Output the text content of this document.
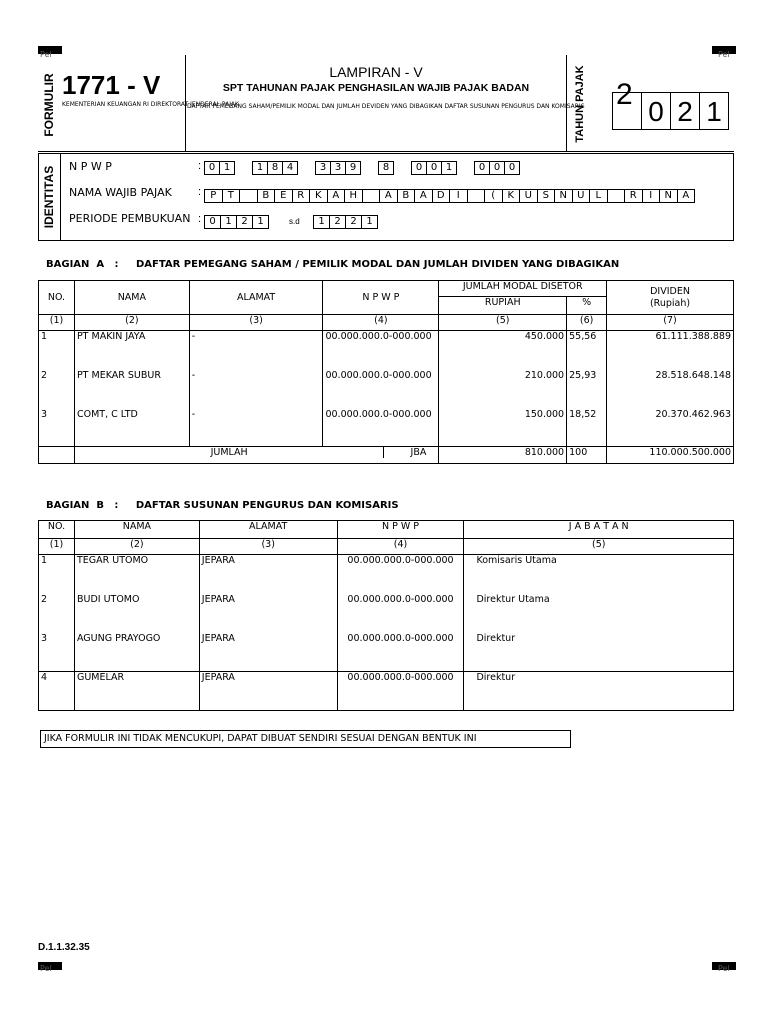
Pel	Pel
Pel	Pel
FORMULIR 1771 - V
KEMENTERIAN KEUANGAN RI DIREKTORAT JENDERAL PAJAK
LAMPIRAN - V
SPT TAHUNAN PAJAK PENGHASILAN WAJIB PAJAK BADAN
DAFTAR PEMEGANG SAHAM/PEMILIK MODAL DAN JUMLAH DEVIDEN YANG DIBAGIKAN DAFTAR SUSUNAN PENGURUS DAN KOMISARIS
TAHUN PAJAK 2
0 2 1
IDENTITAS N P W P	: 0 1	1 8 4	3 3 9	8	0 0 1	0 0 0
NAMA WAJIB PAJAK : P T	B E R K A H	A B A D I	( K U S N U L	R I N A
PERIODE PEMBUKUAN : 0 1 2 1	s.d	1 2 2 1
BAGIAN  A   :     DAFTAR PEMEGANG SAHAM / PEMILIK MODAL DAN JUMLAH DIVIDEN YANG DIBAGIKAN
NO.	NAMA	ALAMAT	N P W P	JUMLAH MODAL DISETOR		DIVIDEN
(Rupiah)
				RUPIAH	%	
(1)	(2)	(3)	(4)	(5)	(6)	(7)
1	PT MAKIN JAYA	-	00.000.000.0-000.000	450.000	55,56	61.111.388.889
2	PT MEKAR SUBUR	-	00.000.000.0-000.000	210.000	25,93	28.518.648.148
3	COMT, C LTD	-	00.000.000.0-000.000	150.000	18,52	20.370.462.963

	JUMLAH JBA			810.000	100	110.000.500.000
BAGIAN  B   :     DAFTAR SUSUNAN PENGURUS DAN KOMISARIS
NO.	NAMA	ALAMAT	N P W P	J A B A T A N
(1)	(2)	(3)	(4)	(5)
1	TEGAR UTOMO	JEPARA	00.000.000.0-000.000	Komisaris Utama
2	BUDI UTOMO	JEPARA	00.000.000.0-000.000	Direktur Utama
3	AGUNG PRAYOGO	JEPARA	00.000.000.0-000.000	Direktur
4	GUMELAR	JEPARA	00.000.000.0-000.000	Direktur
JIKA FORMULIR INI TIDAK MENCUKUPI, DAPAT DIBUAT SENDIRI SESUAI DENGAN BENTUK INI
D.1.1.32.35
